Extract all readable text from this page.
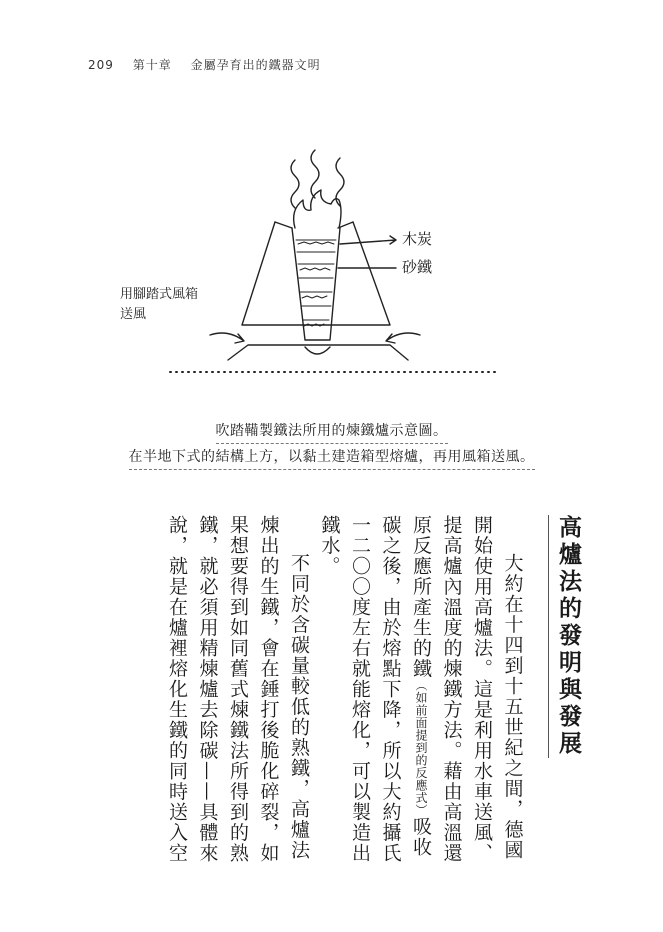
209 第十章 金屬孕育出的鐵器文明
木炭
砂鐵
用腳踏式風箱
送風
吹踏鞴製鐵法所用的煉鐵爐示意圖。
在半地下式的結構上方，以黏土建造箱型熔爐，再用風箱送風。

高爐法的發明與發展

大約在十四到十五世紀之間，德國開始使用高爐法。這是利用水車送風、提高爐內溫度的煉鐵方法。藉由高溫還原反應所產生的鐵（如前面提到的反應式）吸收碳之後，由於熔點下降，所以大約攝氏一二〇〇度左右就能熔化，可以製造出鐵水。

不同於含碳量較低的熟鐵，高爐法煉出的生鐵，會在錘打後脆化碎裂，如果想要得到如同舊式煉鐵法所得到的熟鐵，就必須用精煉爐去除碳——具體來說，就是在爐裡熔化生鐵的同時送入空
